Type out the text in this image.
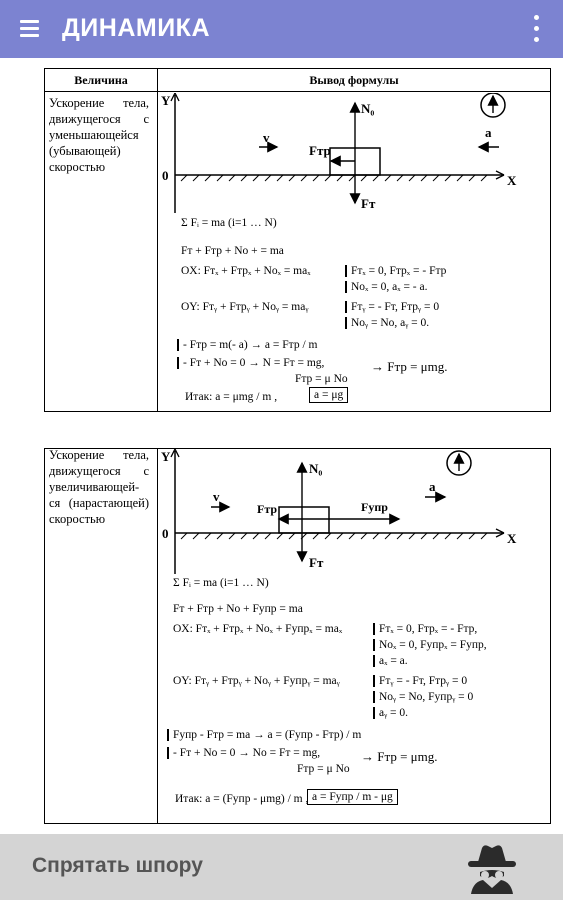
ДИНАМИКА
Величина	Вывод формулы
Ускорение тела, движущегося с уменьшающейся (убывающей) скоростью
Y
0	X
N₀
Fт
Fтр
v	a
Σ Fᵢ = ma (i=1 … N)
Fт + Fтр + No + = ma
OX: Fтₓ + Fтрₓ + Noₓ = maₓ	Fтₓ = 0, Fтрₓ = - Fтр
Noₓ = 0, aₓ = - a.
OY: Fтᵧ + Fтрᵧ + Noᵧ = maᵧ	Fтᵧ = - Fт, Fтрᵧ = 0
Noᵧ = No, aᵧ = 0.
- Fтр = m(- a) → a = Fтр / m
- Fт + No = 0 → N = Fт = mg,
Fтр = μ No
→ Fтр = μmg.
Итак: a = μmg / m ,	a = μg
Ускорение тела, движущегося с увеличивающей-ся (нарастающей) скоростью
Y
0	X
N₀
Fт
Fтр	Fупр
v
a
Σ Fᵢ = ma (i=1 … N)
Fт + Fтр + No + Fупр = ma
OX: Fтₓ + Fтрₓ + Noₓ + Fупрₓ = maₓ	Fтₓ = 0, Fтрₓ = - Fтр,
Noₓ = 0, Fупрₓ = Fупр,
aₓ = a.
OY: Fтᵧ + Fтрᵧ + Noᵧ + Fупрᵧ = maᵧ	Fтᵧ = - Fт, Fтрᵧ = 0
Noᵧ = No, Fупрᵧ = 0
aᵧ = 0.
Fупр - Fтр = ma → a = (Fупр - Fтр) / m
- Fт + No = 0 → No = Fт = mg,
Fтр = μ No
→ Fтр = μmg.
Итак: a = (Fупр - μmg) / m , a = Fупр / m - μg
Спрятать шпору
